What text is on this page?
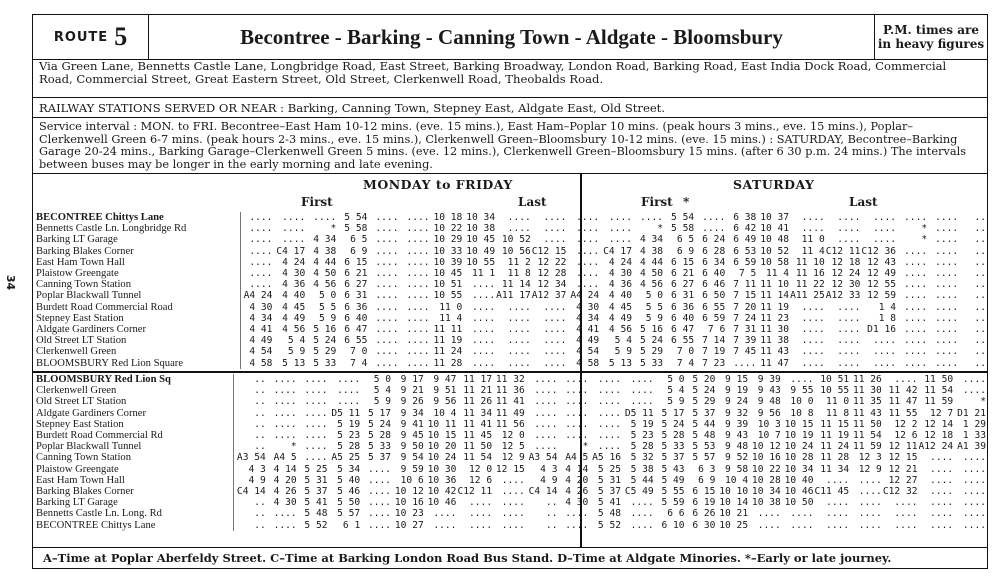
34
ROUTE 5	Becontree - Barking - Canning Town - Aldgate - Bloomsbury	P.M. times are in heavy figures
Via Green Lane, Bennetts Castle Lane, Longbridge Road, East Street, Barking Broadway, London Road, Barking Road, East India Dock Road, Commercial Road, Commercial Street, Great Eastern Street, Old Street, Clerkenwell Road, Theobalds Road.
RAILWAY STATIONS SERVED OR NEAR : Barking, Canning Town, Stepney East, Aldgate East, Old Street.
Service interval : MON. to FRI. Becontree–East Ham 10-12 mins. (eve. 15 mins.), East Ham–Poplar 10 mins. (peak hours 3 mins., eve. 15 mins.), Poplar–Clerkenwell Green 6-7 mins. (peak hours 2-3 mins., eve. 15 mins.), Clerkenwell Green–Bloomsbury 10-12 mins. (eve. 15 mins.) : SATURDAY, Becontree–Barking Garage 20-24 mins., Barking Garage–Clerkenwell Green 5 mins. (eve. 12 mins.), Clerkenwell Green–Bloomsbury 15 mins. (after 6 30 p.m. 24 mins.) The intervals between buses may be longer in the early morning and late evening.
MONDAY to FRIDAY	SATURDAY
First	Last	First *	Last
BECONTREE Chittys Lane	....	....	....	5 54	....	....	10 18	10 34	....	....	....	....	....	5 54	....	6 38	10 37	....	....	....	....	....	..
Bennetts Castle Ln. Longbridge Rd	....	....	*	5 58	....	....	10 22	10 38	....	....	....	....	*	5 58	....	6 42	10 41	....	....	....	*	....	..
Barking LT Garage	....	....	4 34	6 5	....	....	10 29	10 45	10 52	....	....	....	4 34	6 5	6 24	6 49	10 48	11 0	....	....	*	....	..
Barking Blakes Corner	....	C4 17	4 38	6 9	....	....	10 33	10 49	10 56	C12 15	....	C4 17	4 38	6 9	6 28	6 53	10 52	11 4	C12 11	C12 36	....	....	..
East Ham Town Hall	....	4 24	4 44	6 15	....	....	10 39	10 55	11 2	12 22	....	4 24	4 44	6 15	6 34	6 59	10 58	11 10	12 18	12 43	....	....	..
Plaistow Greengate	....	4 30	4 50	6 21	....	....	10 45	11 1	11 8	12 28	....	4 30	4 50	6 21	6 40	7 5	11 4	11 16	12 24	12 49	....	....	..
Canning Town Station	....	4 36	4 56	6 27	....	....	10 51	....	11 14	12 34	....	4 36	4 56	6 27	6 46	7 11	11 10	11 22	12 30	12 55	....	....	..
Poplar Blackwall Tunnel	A4 24	4 40	5 0	6 31	....	....	10 55	....	A11 17	A12 37	A4 24	4 40	5 0	6 31	6 50	7 15	11 14	A11 25	A12 33	12 59	....	....	..
Burdett Road Commercial Road	4 30	4 45	5 5	6 36	....	....	11 0	....	....	....	4 30	4 45	5 5	6 36	6 55	7 20	11 19	....	....	1 4	....	....	..
Stepney East Station	4 34	4 49	5 9	6 40	....	....	11 4	....	....	....	4 34	4 49	5 9	6 40	6 59	7 24	11 23	....	....	1 8	....	....	..
Aldgate Gardiners Corner	4 41	4 56	5 16	6 47	....	....	11 11	....	....	....	4 41	4 56	5 16	6 47	7 6	7 31	11 30	....	....	D1 16	....	....	..
Old Street LT Station	4 49	5 4	5 24	6 55	....	....	11 19	....	....	....	4 49	5 4	5 24	6 55	7 14	7 39	11 38	....	....	....	....	....	..
Clerkenwell Green	4 54	5 9	5 29	7 0	....	....	11 24	....	....	....	4 54	5 9	5 29	7 0	7 19	7 45	11 43	....	....	....	....	....	..
BLOOMSBURY Red Lion Square	4 58	5 13	5 33	7 4	....	....	11 28	....	....	....	4 58	5 13	5 33	7 4	7 23	....	11 47	....	....	....	....	....	..
BLOOMSBURY Red Lion Sq	..	....	....	....	5 0	9 17	9 47	11 17	11 32	....	....	....	....	5 0	5 20	9 15	9 39	....	10 51	11 26	....	11 50	....
Clerkenwell Green	..	....	....	....	5 4	9 21	9 51	11 21	11 36	....	....	....	....	5 4	5 24	9 19	9 43	9 55	10 55	11 30	11 42	11 54	....
Old Street LT Station	..	....	....	....	5 9	9 26	9 56	11 26	11 41	....	....	....	....	5 9	5 29	9 24	9 48	10 0	11 0	11 35	11 47	11 59	*
Aldgate Gardiners Corner	..	....	....	D5 11	5 17	9 34	10 4	11 34	11 49	....	....	....	D5 11	5 17	5 37	9 32	9 56	10 8	11 8	11 43	11 55	12 7	D1 21
Stepney East Station	..	....	....	5 19	5 24	9 41	10 11	11 41	11 56	....	....	....	5 19	5 24	5 44	9 39	10 3	10 15	11 15	11 50	12 2	12 14	1 29
Burdett Road Commercial Rd	..	....	....	5 23	5 28	9 45	10 15	11 45	12 0	....	....	....	5 23	5 28	5 48	9 43	10 7	10 19	11 19	11 54	12 6	12 18	1 33
Poplar Blackwall Tunnel	..	*	....	5 28	5 33	9 50	10 20	11 50	12 5	....	*	....	5 28	5 33	5 53	9 48	10 12	10 24	11 24	11 59	12 11	A12 24	A1 39
Canning Town Station	A3 54	A4 5	....	A5 25	5 37	9 54	10 24	11 54	12 9	A3 54	A4 5	A5 16	5 32	5 37	5 57	9 52	10 16	10 28	11 28	12 3	12 15	....	....
Plaistow Greengate	4 3	4 14	5 25	5 34	....	9 59	10 30	12 0	12 15	4 3	4 14	5 25	5 38	5 43	6 3	9 58	10 22	10 34	11 34	12 9	12 21	....	....
East Ham Town Hall	4 9	4 20	5 31	5 40	....	10 6	10 36	12 6	....	4 9	4 20	5 31	5 44	5 49	6 9	10 4	10 28	10 40	....	....	12 27	....	....
Barking Blakes Corner	C4 14	4 26	5 37	5 46	....	10 12	10 42	C12 11	....	C4 14	4 26	5 37	C5 49	5 55	6 15	10 10	10 34	10 46	C11 45	....	C12 32	....	....
Barking LT Garage	..	4 30	5 41	5 50	....	10 16	10 46	....	....	..	4 30	5 41	....	5 59	6 19	10 14	10 38	10 50	....	....	....	....	....
Bennetts Castle Ln. Long. Rd	..	....	5 48	5 57	....	10 23	....	....	....	..	....	5 48	....	6 6	6 26	10 21	....	....	....	....	....	....	....
BECONTREE Chittys Lane	..	....	5 52	6 1	....	10 27	....	....	....	..	....	5 52	....	6 10	6 30	10 25	....	....	....	....	....	....	....
A–Time at Poplar Aberfeldy Street. C–Time at Barking London Road Bus Stand. D–Time at Aldgate Minories. *–Early or late journey.
